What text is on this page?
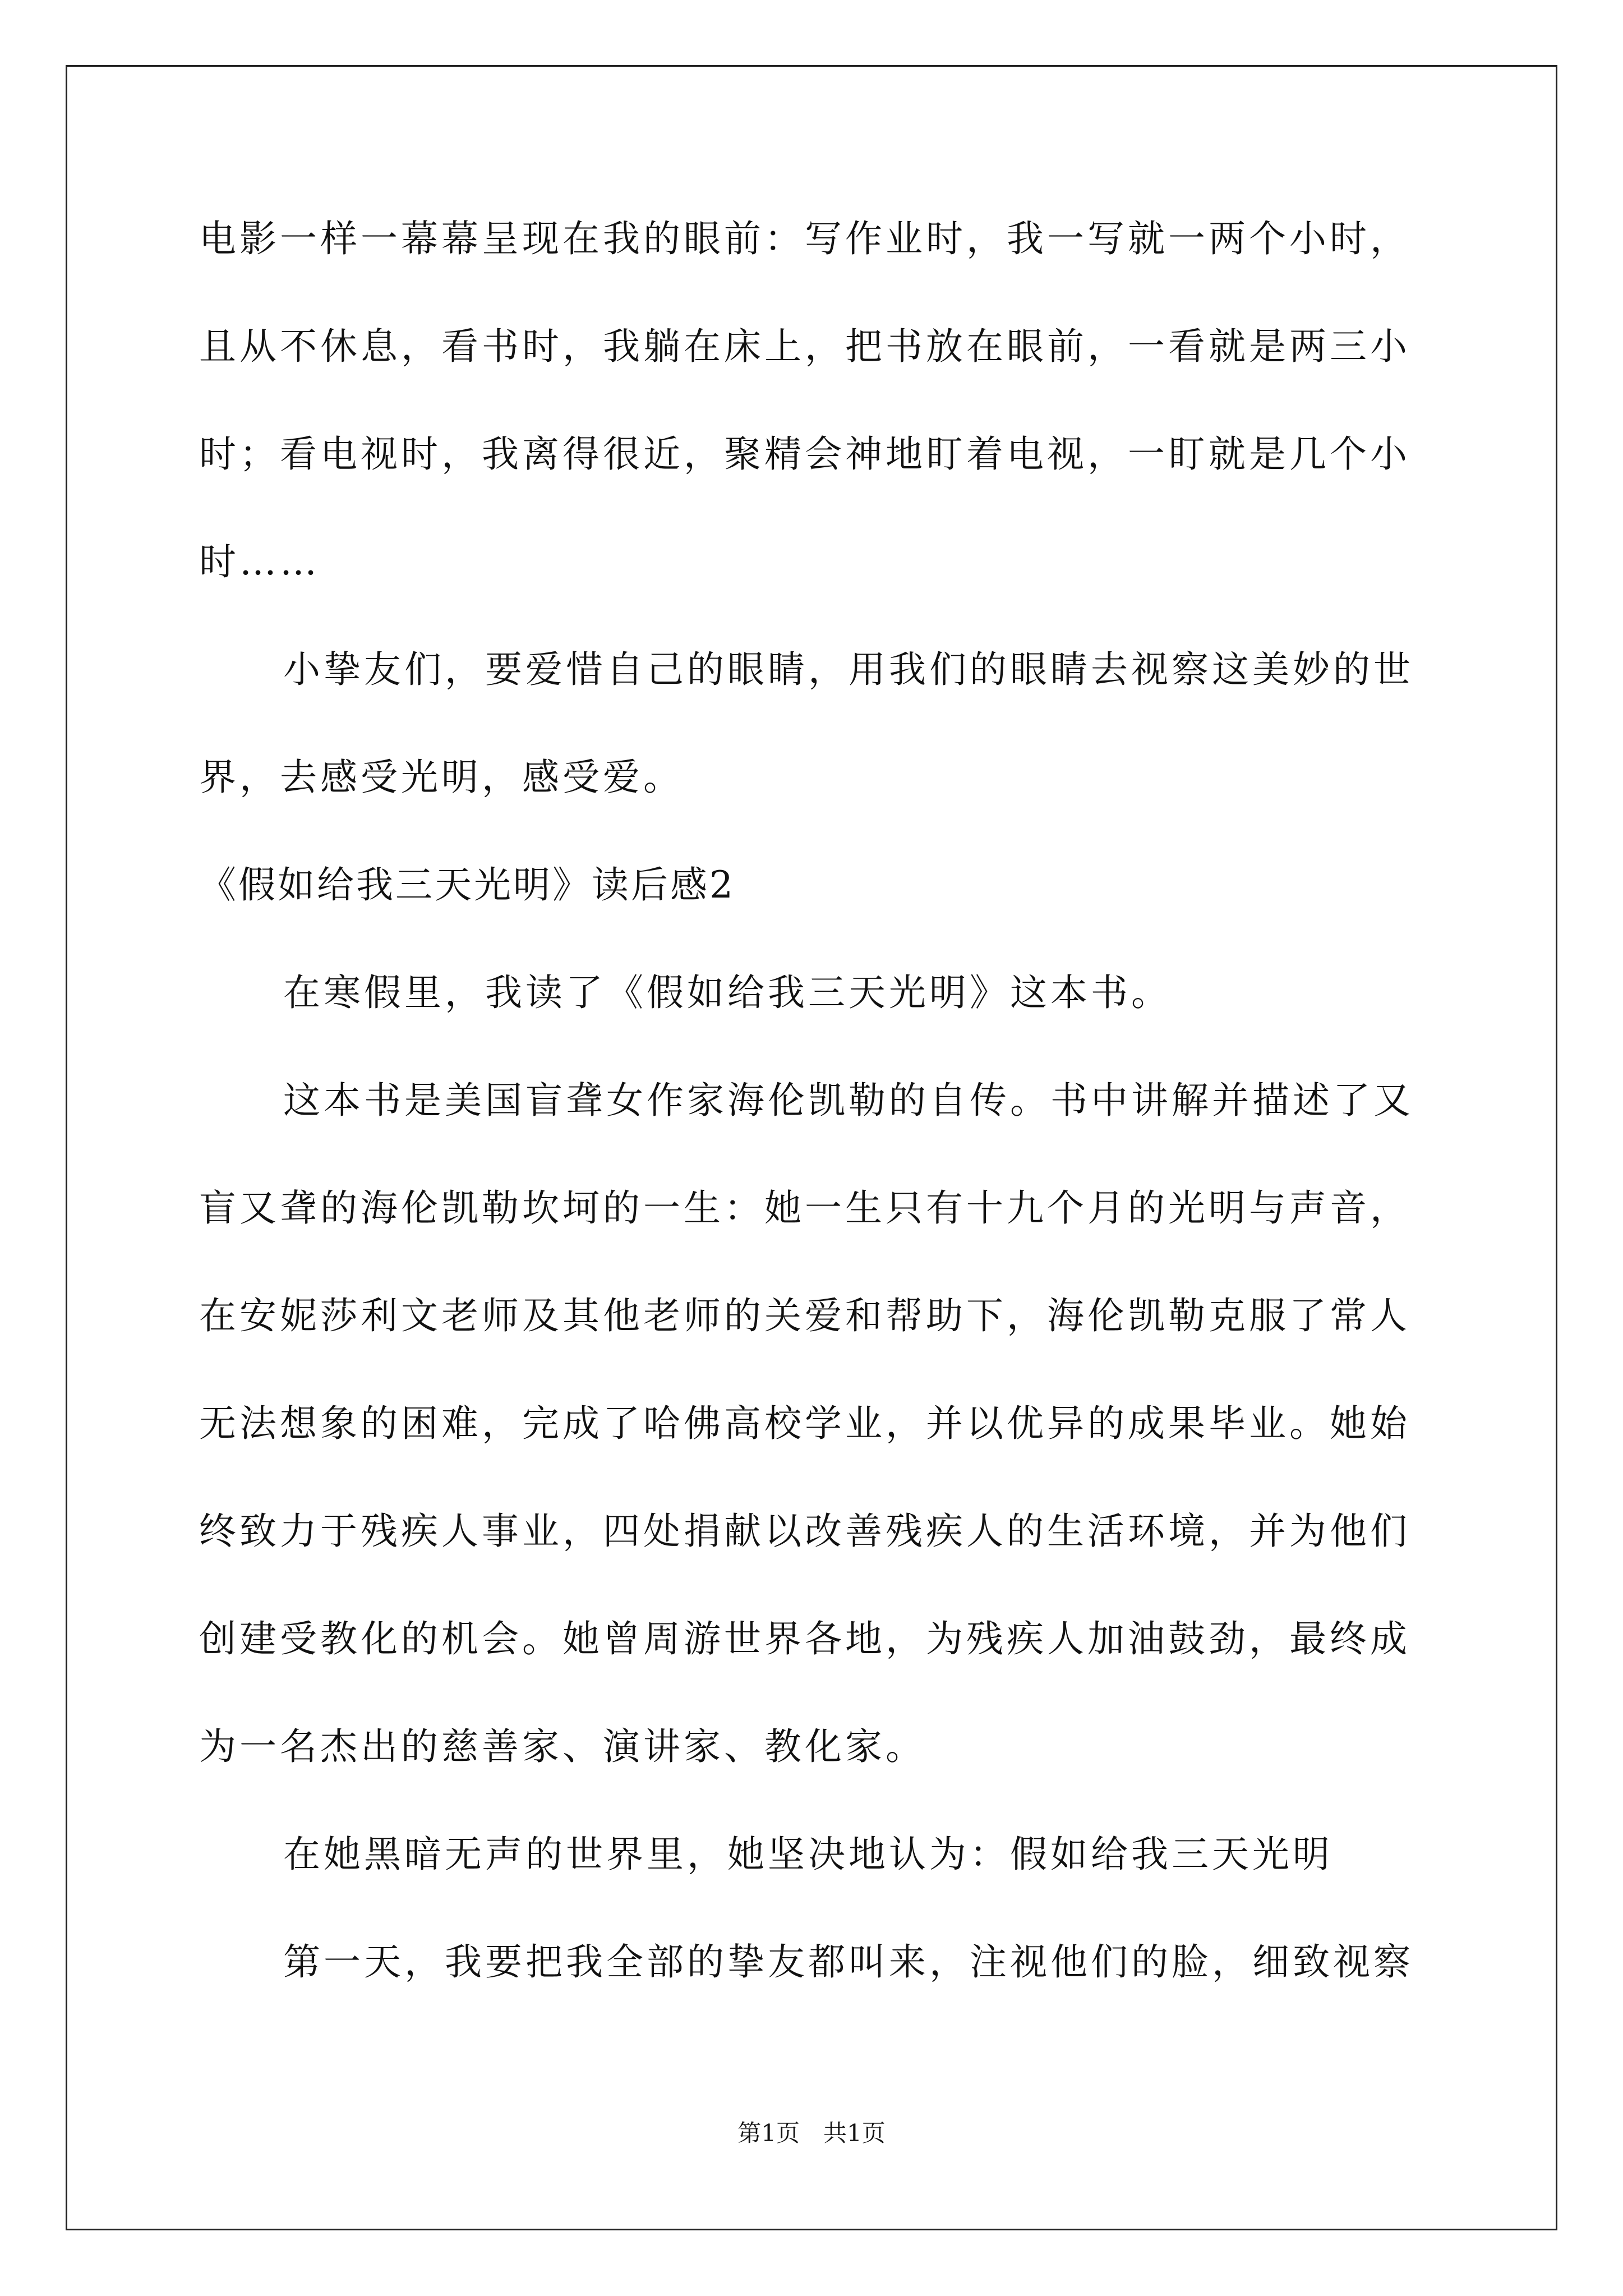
电影一样一幕幕呈现在我的眼前：写作业时，我一写就一两个小时，
且从不休息，看书时，我躺在床上，把书放在眼前，一看就是两三小
时；看电视时，我离得很近，聚精会神地盯着电视，一盯就是几个小
时……
小挚友们，要爱惜自己的眼睛，用我们的眼睛去视察这美妙的世
界，去感受光明，感受爱。
《假如给我三天光明》读后感2
在寒假里，我读了《假如给我三天光明》这本书。
这本书是美国盲聋女作家海伦凯勒的自传。书中讲解并描述了又
盲又聋的海伦凯勒坎坷的一生：她一生只有十九个月的光明与声音，
在安妮莎利文老师及其他老师的关爱和帮助下，海伦凯勒克服了常人
无法想象的困难，完成了哈佛高校学业，并以优异的成果毕业。她始
终致力于残疾人事业，四处捐献以改善残疾人的生活环境，并为他们
创建受教化的机会。她曾周游世界各地，为残疾人加油鼓劲，最终成
为一名杰出的慈善家、演讲家、教化家。
在她黑暗无声的世界里，她坚决地认为：假如给我三天光明
第一天，我要把我全部的挚友都叫来，注视他们的脸，细致视察
第1页　共1页
